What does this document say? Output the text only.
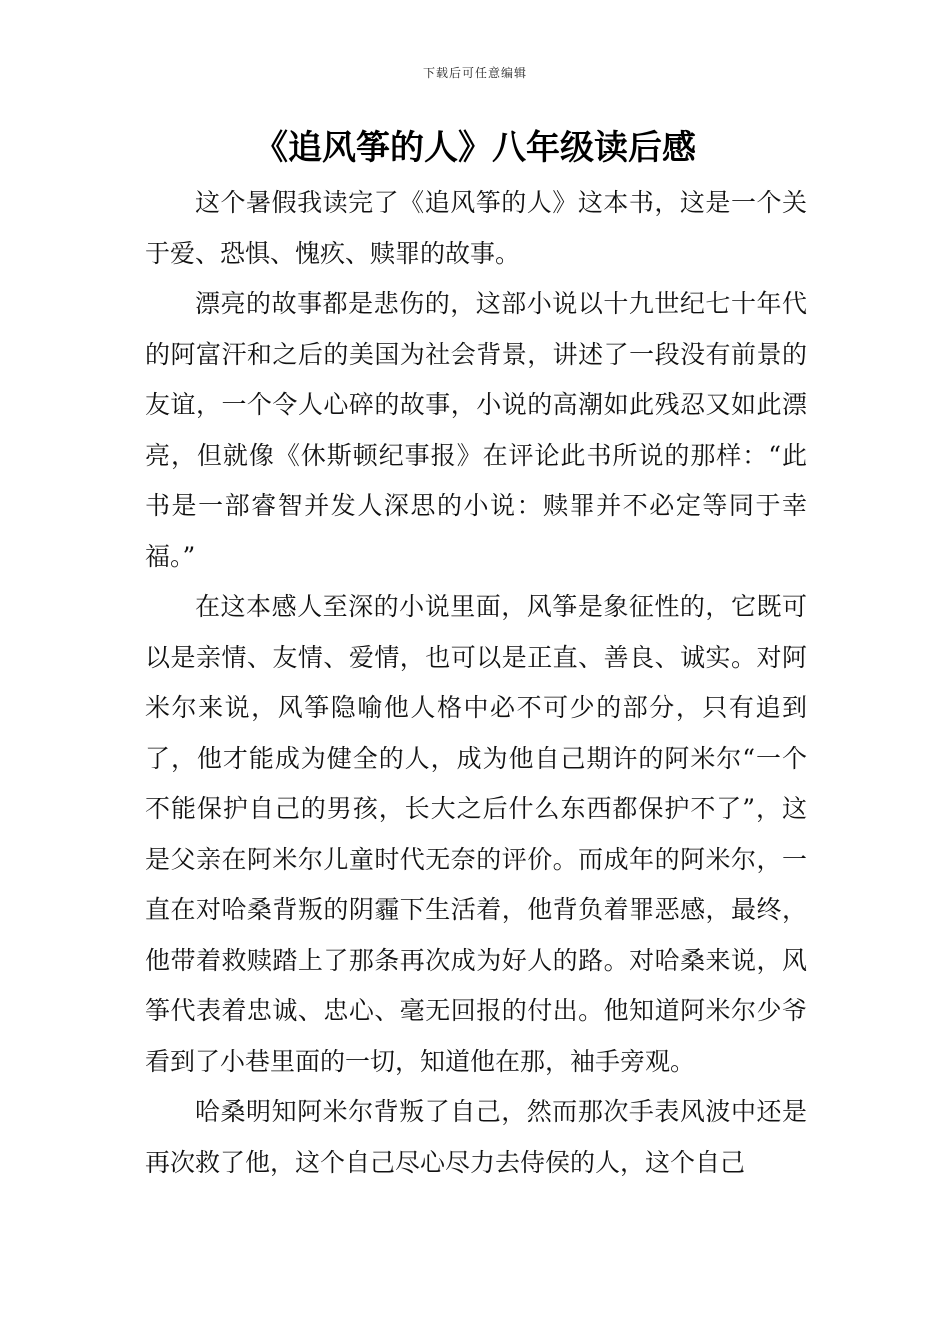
下载后可任意编辑
《追风筝的人》八年级读后感

这个暑假我读完了《追风筝的人》这本书，这是一个关于爱、恐惧、愧疚、赎罪的故事。

漂亮的故事都是悲伤的，这部小说以十九世纪七十年代的阿富汗和之后的美国为社会背景，讲述了一段没有前景的友谊，一个令人心碎的故事，小说的高潮如此残忍又如此漂亮，但就像《休斯顿纪事报》在评论此书所说的那样：“此书是一部睿智并发人深思的小说：赎罪并不必定等同于幸福。”

在这本感人至深的小说里面，风筝是象征性的，它既可以是亲情、友情、爱情，也可以是正直、善良、诚实。对阿米尔来说，风筝隐喻他人格中必不可少的部分，只有追到了，他才能成为健全的人，成为他自己期许的阿米尔“一个不能保护自己的男孩，长大之后什么东西都保护不了”，这是父亲在阿米尔儿童时代无奈的评价。而成年的阿米尔，一直在对哈桑背叛的阴霾下生活着，他背负着罪恶感，最终，他带着救赎踏上了那条再次成为好人的路。对哈桑来说，风筝代表着忠诚、忠心、毫无回报的付出。他知道阿米尔少爷看到了小巷里面的一切，知道他在那，袖手旁观。

哈桑明知阿米尔背叛了自己，然而那次手表风波中还是再次救了他，这个自己尽心尽力去侍侯的人，这个自己
